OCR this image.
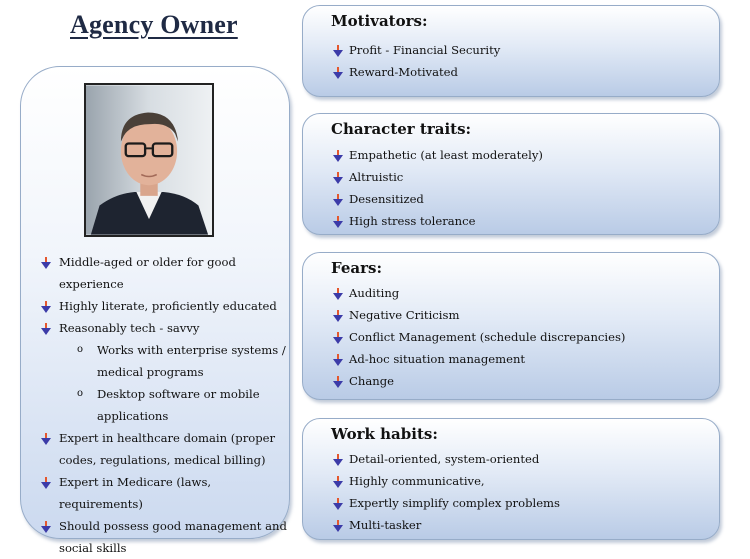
Agency Owner
Middle-aged or older for good experience
Highly literate, proficiently educated
Reasonably tech - savvy
o Works with enterprise systems /
medical programs
o Desktop software or mobile
applications
Expert in healthcare domain (proper
codes, regulations, medical billing)
Expert in Medicare (laws, requirements)
Should possess good management and
social skills
Motivators:
Profit - Financial Security
Reward-Motivated
Character traits:
Empathetic (at least moderately)
Altruistic
Desensitized
High stress tolerance
Fears:
Auditing
Negative Criticism
Conflict Management (schedule discrepancies)
Ad-hoc situation management
Change
Work habits:
Detail-oriented, system-oriented
Highly communicative,
Expertly simplify complex problems
Multi-tasker
